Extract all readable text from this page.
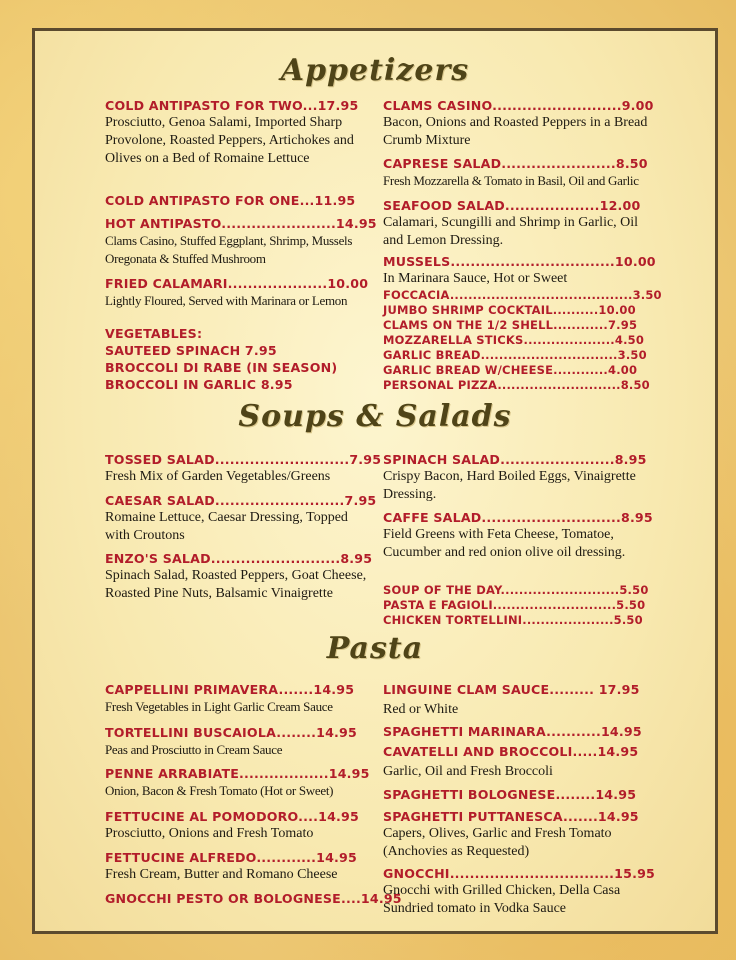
Appetizers
COLD ANTIPASTO FOR TWO...17.95
Prosciutto, Genoa Salami, Imported Sharp Provolone, Roasted Peppers, Artichokes and Olives on a Bed of Romaine Lettuce
COLD ANTIPASTO FOR ONE...11.95
HOT ANTIPASTO.......................14.95
Clams Casino, Stuffed Eggplant, Shrimp, Mussels Oregonata & Stuffed Mushroom
FRIED CALAMARI....................10.00
Lightly Floured, Served with Marinara or Lemon
VEGETABLES:
SAUTEED SPINACH 7.95
BROCCOLI DI RABE (IN SEASON)
BROCCOLI IN GARLIC 8.95
CLAMS CASINO..........................9.00
Bacon, Onions and Roasted Peppers in a Bread Crumb Mixture
CAPRESE SALAD.......................8.50
Fresh Mozzarella & Tomato in Basil, Oil and Garlic
SEAFOOD SALAD...................12.00
Calamari, Scungilli and Shrimp in Garlic, Oil and Lemon Dressing.
MUSSELS.................................10.00
In Marinara Sauce, Hot or Sweet
FOCCACIA........................................3.50
JUMBO SHRIMP COCKTAIL..........10.00
CLAMS ON THE 1/2 SHELL............7.95
MOZZARELLA STICKS....................4.50
GARLIC BREAD..............................3.50
GARLIC BREAD W/CHEESE............4.00
PERSONAL PIZZA...........................8.50
Soups & Salads
TOSSED SALAD...........................7.95
Fresh Mix of Garden Vegetables/Greens
CAESAR SALAD..........................7.95
Romaine Lettuce, Caesar Dressing, Topped with Croutons
ENZO'S SALAD..........................8.95
Spinach Salad, Roasted Peppers, Goat Cheese, Roasted Pine Nuts, Balsamic Vinaigrette
SPINACH SALAD.......................8.95
Crispy Bacon, Hard Boiled Eggs, Vinaigrette Dressing.
CAFFE SALAD............................8.95
Field Greens with Feta Cheese, Tomatoe, Cucumber and red onion olive oil dressing.
SOUP OF THE DAY..........................5.50
PASTA E FAGIOLI...........................5.50
CHICKEN TORTELLINI....................5.50
Pasta
CAPPELLINI PRIMAVERA.......14.95
Fresh Vegetables in Light Garlic Cream Sauce
TORTELLINI BUSCAIOLA........14.95
Peas and Prosciutto in Cream Sauce
PENNE ARRABIATE..................14.95
Onion, Bacon & Fresh Tomato (Hot or Sweet)
FETTUCINE AL POMODORO....14.95
Prosciutto, Onions and Fresh Tomato
FETTUCINE ALFREDO............14.95
Fresh Cream, Butter and Romano Cheese
GNOCCHI PESTO OR BOLOGNESE....14.95
LINGUINE CLAM SAUCE......... 17.95
Red or White
SPAGHETTI MARINARA...........14.95
CAVATELLI AND BROCCOLI.....14.95
Garlic, Oil and Fresh Broccoli
SPAGHETTI BOLOGNESE........14.95
SPAGHETTI PUTTANESCA.......14.95
Capers, Olives, Garlic and Fresh Tomato (Anchovies as Requested)
GNOCCHI.................................15.95
Gnocchi with Grilled Chicken, Della Casa Sundried tomato in Vodka Sauce
